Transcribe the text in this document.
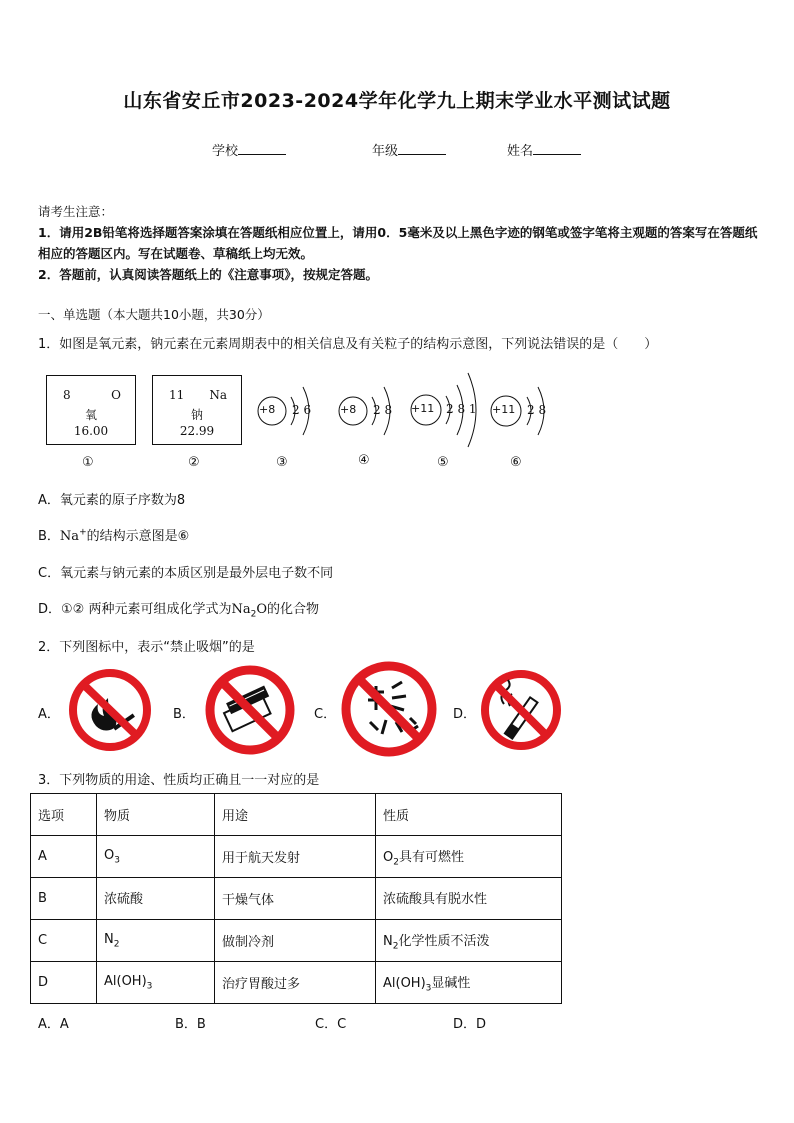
山东省安丘市2023-2024学年化学九上期末学业水平测试试题
学校	年级	姓名
请考生注意：
1．请用2B铅笔将选择题答案涂填在答题纸相应位置上，请用0．5毫米及以上黑色字迹的钢笔或签字笔将主观题的答案写在答题纸相应的答题区内。写在试题卷、草稿纸上均无效。
2．答题前，认真阅读答题纸上的《注意事项》，按规定答题。
一、单选题（本大题共10小题，共30分）
1．如图是氧元素，钠元素在元素周期表中的相关信息及有关粒子的结构示意图，下列说法错误的是（　　）
8	O
氧
16.00
①
11 Na
钠
22.99
②
+8 2 6
③
+8 2 8
④
+11 2 8 1
⑤
+11 2 8
⑥
A．氧元素的原子序数为8
B．Na+的结构示意图是⑥
C．氧元素与钠元素的本质区别是最外层电子数不同
D．①② 两种元素可组成化学式为$Na_2O$的化合物
2．下列图标中，表示“禁止吸烟”的是
A．	B．	C．	D．
3．下列物质的用途、性质均正确且一一对应的是
选项	物质	用途	性质
A	$O_3$	用于航天发射	$O_2$具有可燃性
B	浓硫酸	干燥气体	浓硫酸具有脱水性
C	$N_2$	做制冷剂	$N_2$化学性质不活泼
D	$Al(OH)_3$	治疗胃酸过多	$Al(OH)_3$显碱性
A．A	B．B	C．C	D．D
